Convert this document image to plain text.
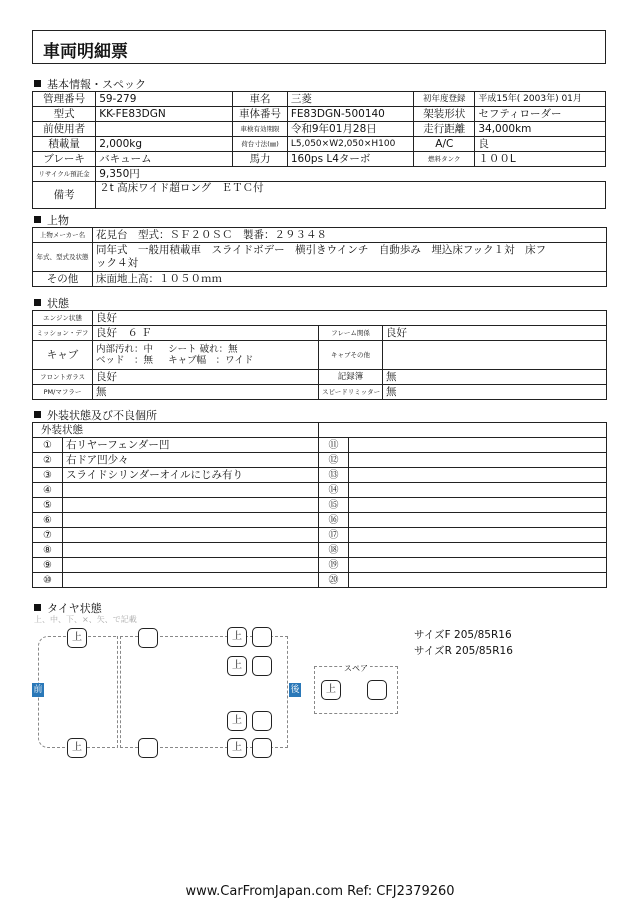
車両明細票
基本情報・スペック
管理番号	59-279	車名	三菱	初年度登録	平成15年( 2003年) 01月
型式	KK-FE83DGN	車体番号	FE83DGN-500140	架装形状	セフティローダー
前使用者		車検有効期限	令和9年01月28日	走行距離	34,000km
積載量	2,000kg	荷台寸法(㎜)	L5,050×W2,050×H100	A/C	良
ブレーキ	バキューム	馬力	160ps L4ターボ	燃料タンク	１００L
リサイクル預託金	9,350円				
備考	２t 高床ワイド超ロング　ＥＴＣ付				
上物
上物メーカー名	花見台　型式：ＳＦ２０ＳＣ　製番：２９３４８
年式、型式及状態	同年式　一般用積載車　スライドボデー　横引きウインチ　自動歩み　埋込床フック１対　床フ
ック４対

その他	床面地上高：１０５０ｍｍ
状態
エンジン状態	良好		
ミッション・デフ	良好　６ Ｆ	フレーム関係	良好
キャブ	内部汚れ：中 シート 破れ：無
ベッド　：無 キャブ幅　：ワイド	キャブその他	
フロントガラス	良好	記録簿	無
PM/マフラー	無	スピードリミッター	無
外装状態及び不良個所
外装状態			
①	右リヤーフェンダー凹	⑪	
②	右ドア凹少々	⑫	
③	スライドシリンダーオイルにじみ有り	⑬	
④		⑭	
⑤		⑮	
⑥		⑯	
⑦		⑰	
⑧		⑱	
⑨		⑲	
⑩		⑳	
タイヤ状態
上、中、下、×、矢、で記載
前	後
上	上
上
上
上	上
スペア
上
サイズF 205/85R16
サイズR 205/85R16
www.CarFromJapan.com Ref: CFJ2379260
